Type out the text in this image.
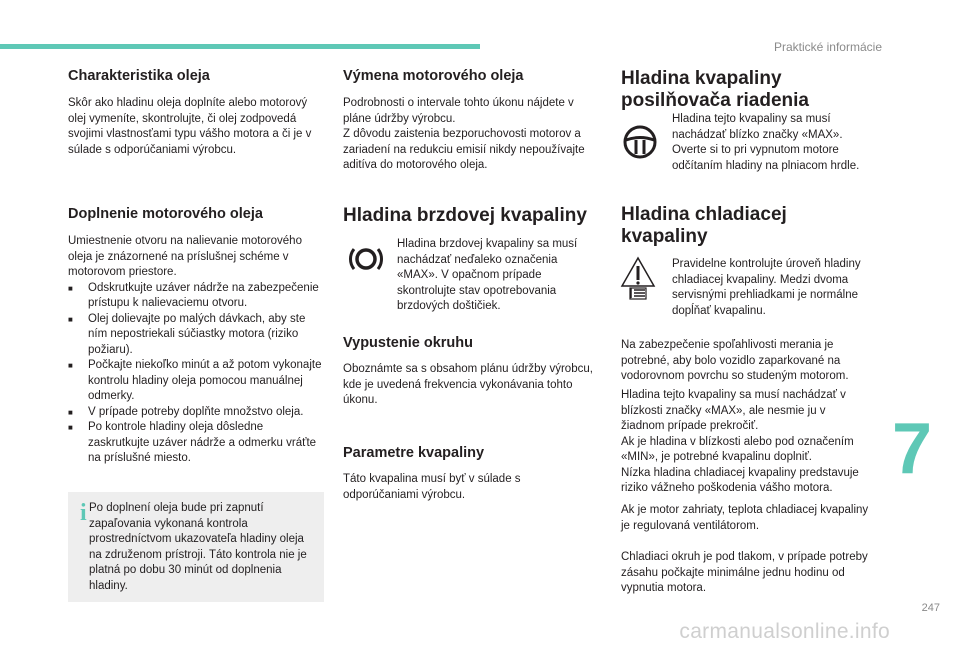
Praktické informácie
7
247
carmanualsonline.info
Charakteristika oleja

Skôr ako hladinu oleja doplníte alebo motorový olej vymeníte, skontrolujte, či olej zodpovedá svojimi vlastnosťami typu vášho motora a či je v súlade s odporúčaniami výrobcu.

Doplnenie motorového oleja

Umiestnenie otvoru na nalievanie motorového oleja je znázornené na príslušnej schéme v motorovom priestore.

■ Odskrutkujte uzáver nádrže na zabezpečenie prístupu k nalievaciemu otvoru.
■ Olej dolievajte po malých dávkach, aby ste ním nepostriekali súčiastky motora (riziko požiaru).
■ Počkajte niekoľko minút a až potom vykonajte kontrolu hladiny oleja pomocou manuálnej odmerky.
■ V prípade potreby doplňte množstvo oleja.
■ Po kontrole hladiny oleja dôsledne zaskrutkujte uzáver nádrže a odmerku vráťte na príslušné miesto.
i Po doplnení oleja bude pri zapnutí zapaľovania vykonaná kontrola prostredníctvom ukazovateľa hladiny oleja na združenom prístroji. Táto kontrola nie je platná po dobu 30 minút od doplnenia hladiny.

Výmena motorového oleja

Podrobnosti o intervale tohto úkonu nájdete v pláne údržby výrobcu.
Z dôvodu zaistenia bezporuchovosti motorov a zariadení na redukciu emisií nikdy nepoužívajte aditíva do motorového oleja.

Hladina brzdovej kvapaliny

Hladina brzdovej kvapaliny sa musí nachádzať neďaleko označenia «MAX». V opačnom prípade skontrolujte stav opotrebovania brzdových doštičiek.

Vypustenie okruhu

Oboznámte sa s obsahom plánu údržby výrobcu, kde je uvedená frekvencia vykonávania tohto úkonu.

Parametre kvapaliny

Táto kvapalina musí byť v súlade s odporúčaniami výrobcu.

Hladina kvapaliny posilňovača riadenia

Hladina tejto kvapaliny sa musí nachádzať blízko značky «MAX». Overte si to pri vypnutom motore odčítaním hladiny na plniacom hrdle.

Hladina chladiacej kvapaliny

Pravidelne kontrolujte úroveň hladiny chladiacej kvapaliny. Medzi dvoma servisnými prehliadkami je normálne dopĺňať kvapalinu.

Na zabezpečenie spoľahlivosti merania je potrebné, aby bolo vozidlo zaparkované na vodorovnom povrchu so studeným motorom.

Hladina tejto kvapaliny sa musí nachádzať v blízkosti značky «MAX», ale nesmie ju v žiadnom prípade prekročiť.
Ak je hladina v blízkosti alebo pod označením «MIN», je potrebné kvapalinu doplniť.
Nízka hladina chladiacej kvapaliny predstavuje riziko vážneho poškodenia vášho motora.

Ak je motor zahriaty, teplota chladiacej kvapaliny je regulovaná ventilátorom.

Chladiaci okruh je pod tlakom, v prípade potreby zásahu počkajte minimálne jednu hodinu od vypnutia motora.
